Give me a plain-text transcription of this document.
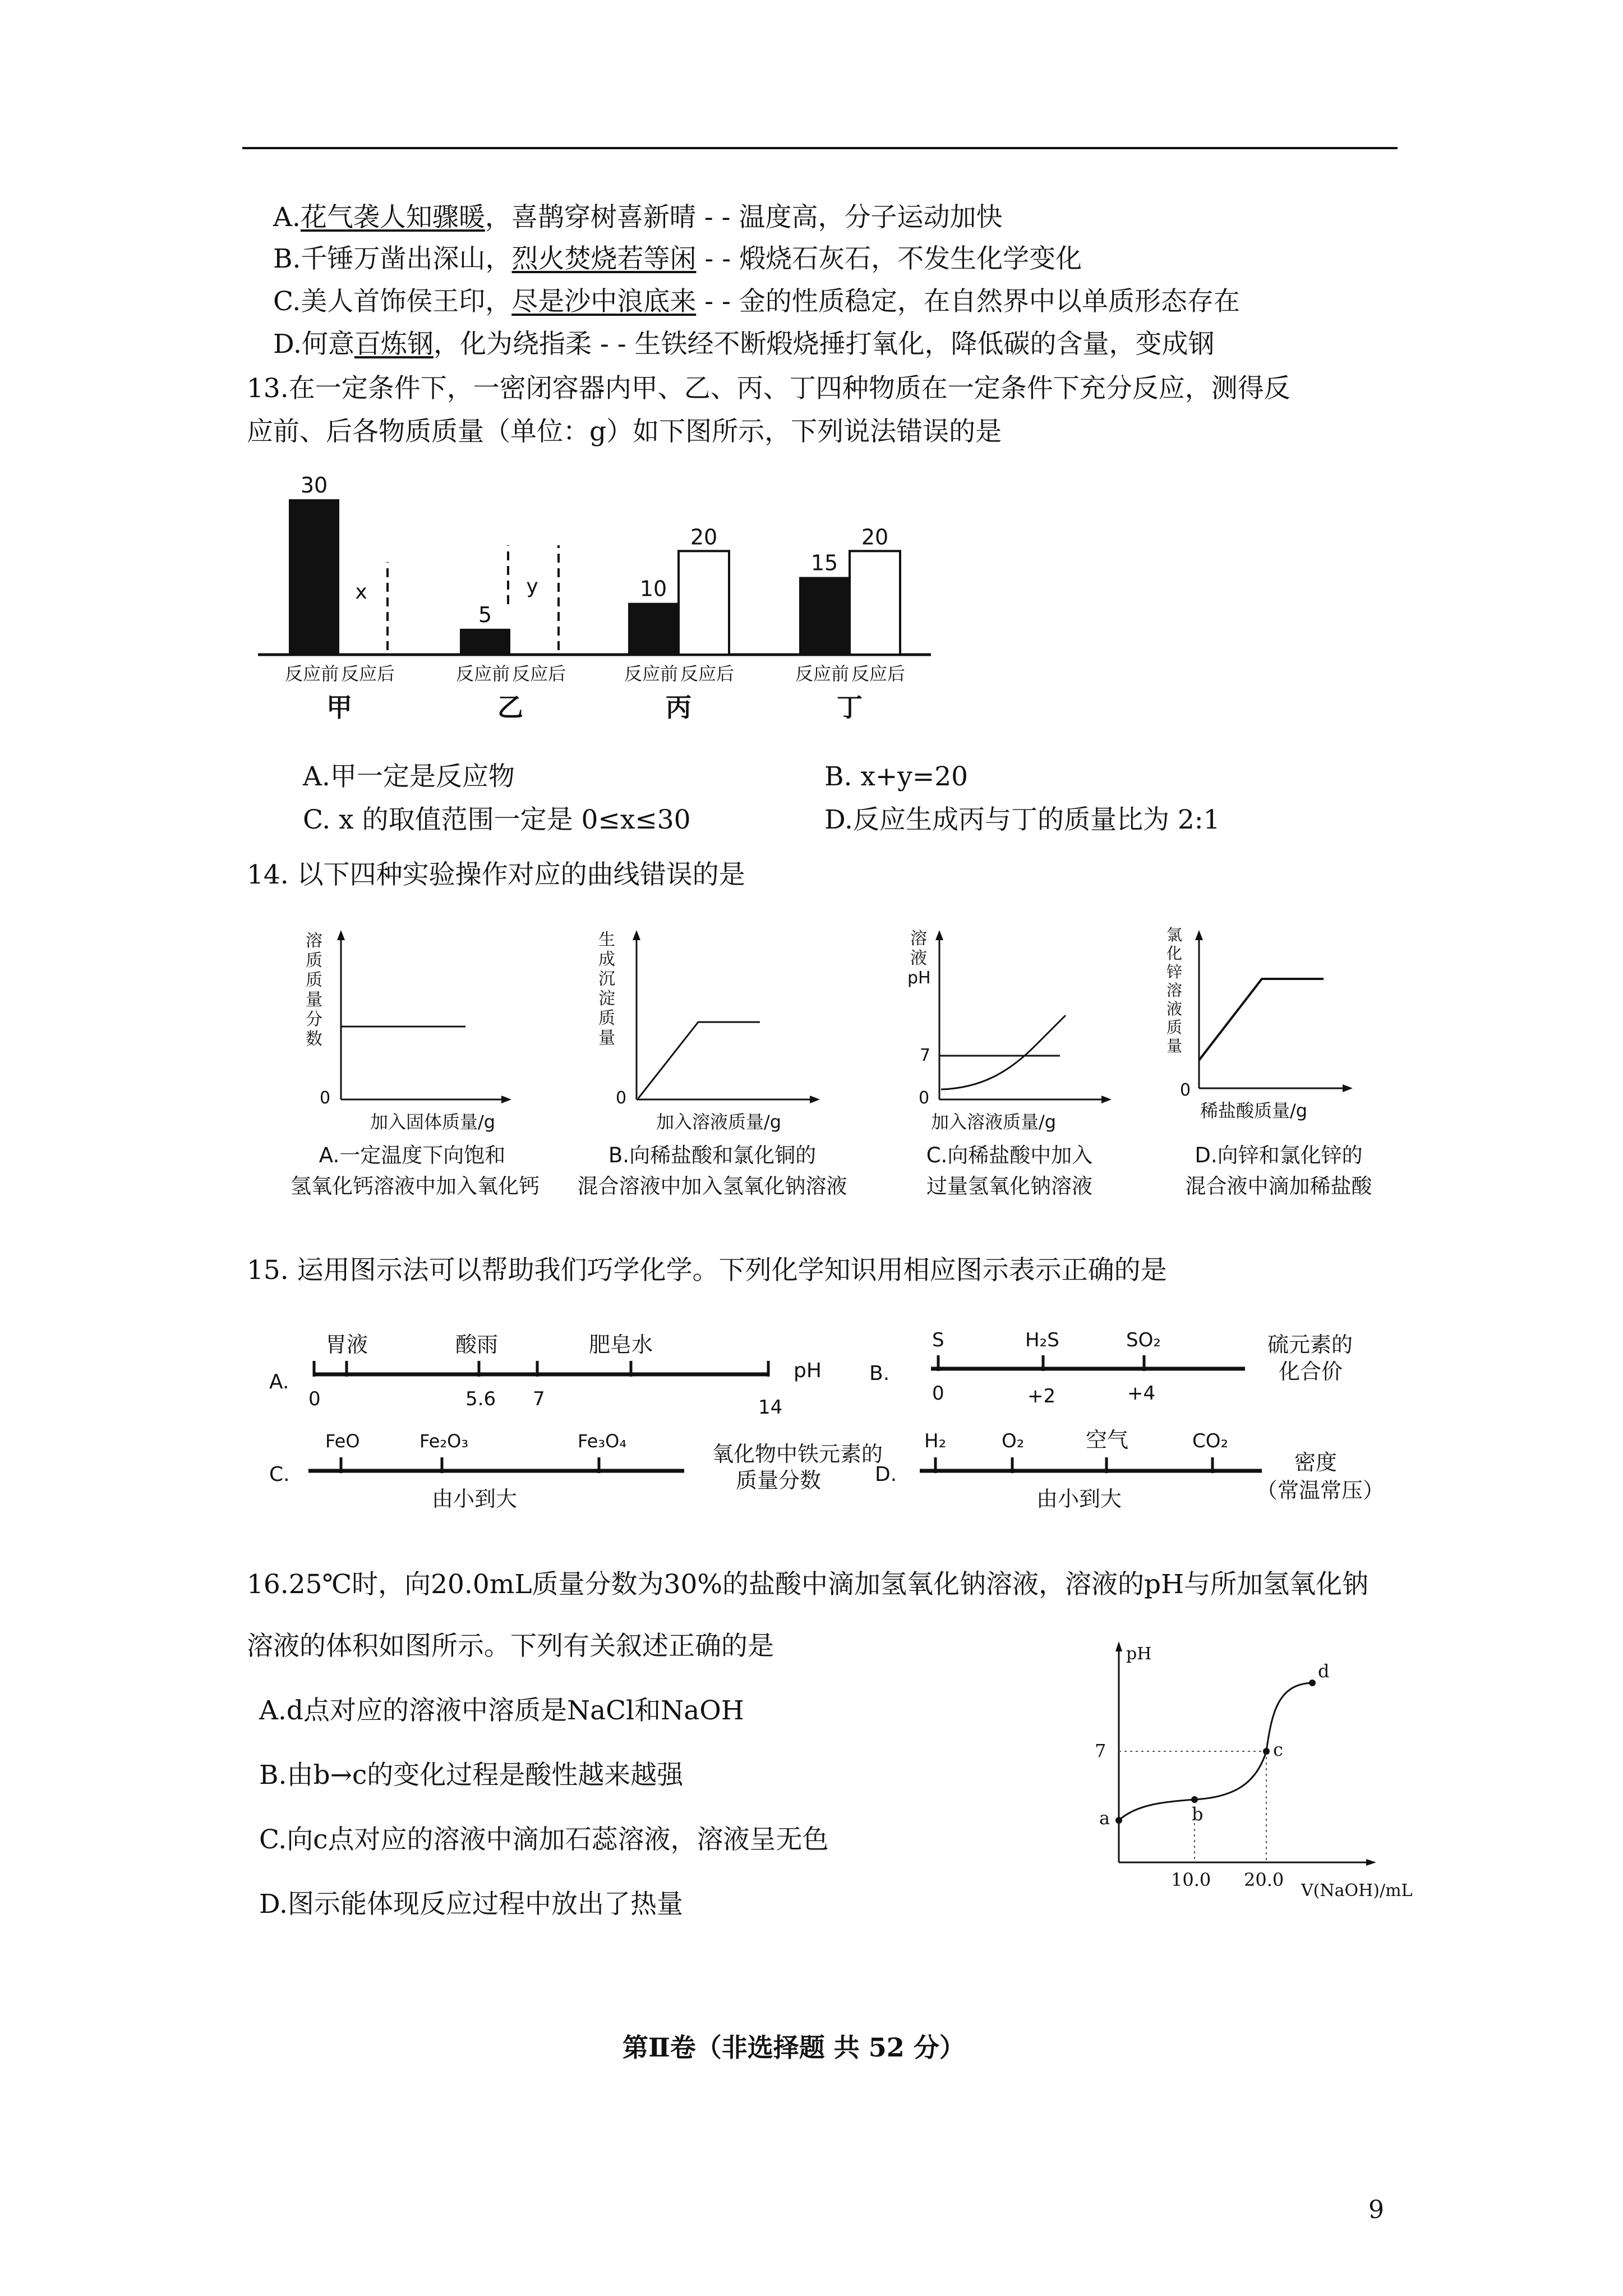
A.花气袭人知骤暖，喜鹊穿树喜新晴 - - 温度高，分子运动加快
B.千锤万凿出深山，烈火焚烧若等闲 - - 煅烧石灰石，不发生化学变化
C.美人首饰侯王印，尽是沙中浪底来 - - 金的性质稳定，在自然界中以单质形态存在
D.何意百炼钢，化为绕指柔 - - 生铁经不断煅烧捶打氧化，降低碳的含量，变成钢
13.在一定条件下，一密闭容器内甲、乙、丙、丁四种物质在一定条件下充分反应，测得反
应前、后各物质质量（单位：g）如下图所示，下列说法错误的是
30
x
反应前 反应后
甲
5
y
反应前 反应后
乙
10
20
反应前 反应后
丙
15
20
反应前 反应后
丁
A.甲一定是反应物	B. x+y=20
C. x 的取值范围一定是 0≤x≤30	D.反应生成丙与丁的质量比为 2:1
14. 以下四种实验操作对应的曲线错误的是
溶
质
质
量
分
数
0
加入固体质量/g
A.一定温度下向饱和
氢氧化钙溶液中加入氧化钙
生
成
沉
淀
质
量
0
加入溶液质量/g
B.向稀盐酸和氯化铜的
混合溶液中加入氢氧化钠溶液
溶
液
pH
7
0
加入溶液质量/g
C.向稀盐酸中加入
过量氢氧化钠溶液
氯
化
锌
溶
液
质
量
0
稀盐酸质量/g
D.向锌和氯化锌的
混合液中滴加稀盐酸
15. 运用图示法可以帮助我们巧学化学。下列化学知识用相应图示表示正确的是
A.
胃液	酸雨	肥皂水
0	5.6 7	14
pH B.
S	H₂S	SO₂
0	+2	+4
硫元素的
化合价
C.
FeO	Fe₂O₃	Fe₃O₄
由小到大
氧化物中铁元素的
质量分数	D.
H₂	O₂	空气	CO₂
由小到大
密度
（常温常压）
16.25℃时，向20.0mL质量分数为30%的盐酸中滴加氢氧化钠溶液，溶液的pH与所加氢氧化钠
溶液的体积如图所示。下列有关叙述正确的是
A.d点对应的溶液中溶质是NaCl和NaOH
B.由b→c的变化过程是酸性越来越强
C.向c点对应的溶液中滴加石蕊溶液，溶液呈无色
D.图示能体现反应过程中放出了热量
pH
7
a	b
c
d
10.0 20.0
V(NaOH)/mL
第Ⅱ卷（非选择题 共 52 分）
9
